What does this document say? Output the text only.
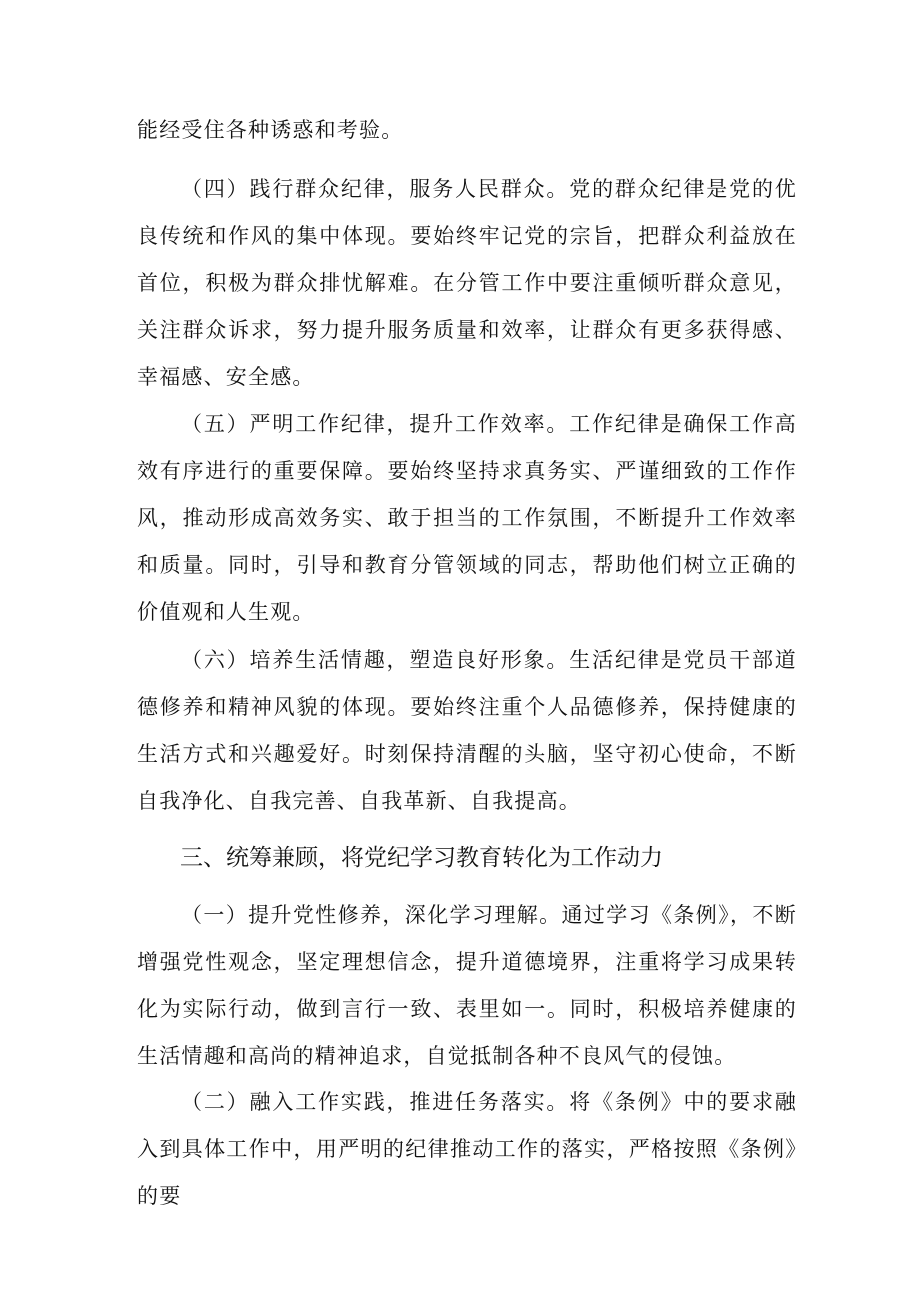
能经受住各种诱惑和考验。

（四）践行群众纪律，服务人民群众。党的群众纪律是党的优良传统和作风的集中体现。要始终牢记党的宗旨，把群众利益放在首位，积极为群众排忧解难。在分管工作中要注重倾听群众意见，关注群众诉求，努力提升服务质量和效率，让群众有更多获得感、幸福感、安全感。

（五）严明工作纪律，提升工作效率。工作纪律是确保工作高效有序进行的重要保障。要始终坚持求真务实、严谨细致的工作作风，推动形成高效务实、敢于担当的工作氛围，不断提升工作效率和质量。同时，引导和教育分管领域的同志，帮助他们树立正确的价值观和人生观。

（六）培养生活情趣，塑造良好形象。生活纪律是党员干部道德修养和精神风貌的体现。要始终注重个人品德修养，保持健康的生活方式和兴趣爱好。时刻保持清醒的头脑，坚守初心使命，不断自我净化、自我完善、自我革新、自我提高。

三、统筹兼顾，将党纪学习教育转化为工作动力

（一）提升党性修养，深化学习理解。通过学习《条例》，不断增强党性观念，坚定理想信念，提升道德境界，注重将学习成果转化为实际行动，做到言行一致、表里如一。同时，积极培养健康的生活情趣和高尚的精神追求，自觉抵制各种不良风气的侵蚀。

（二）融入工作实践，推进任务落实。将《条例》中的要求融入到具体工作中，用严明的纪律推动工作的落实，严格按照《条例》的要
